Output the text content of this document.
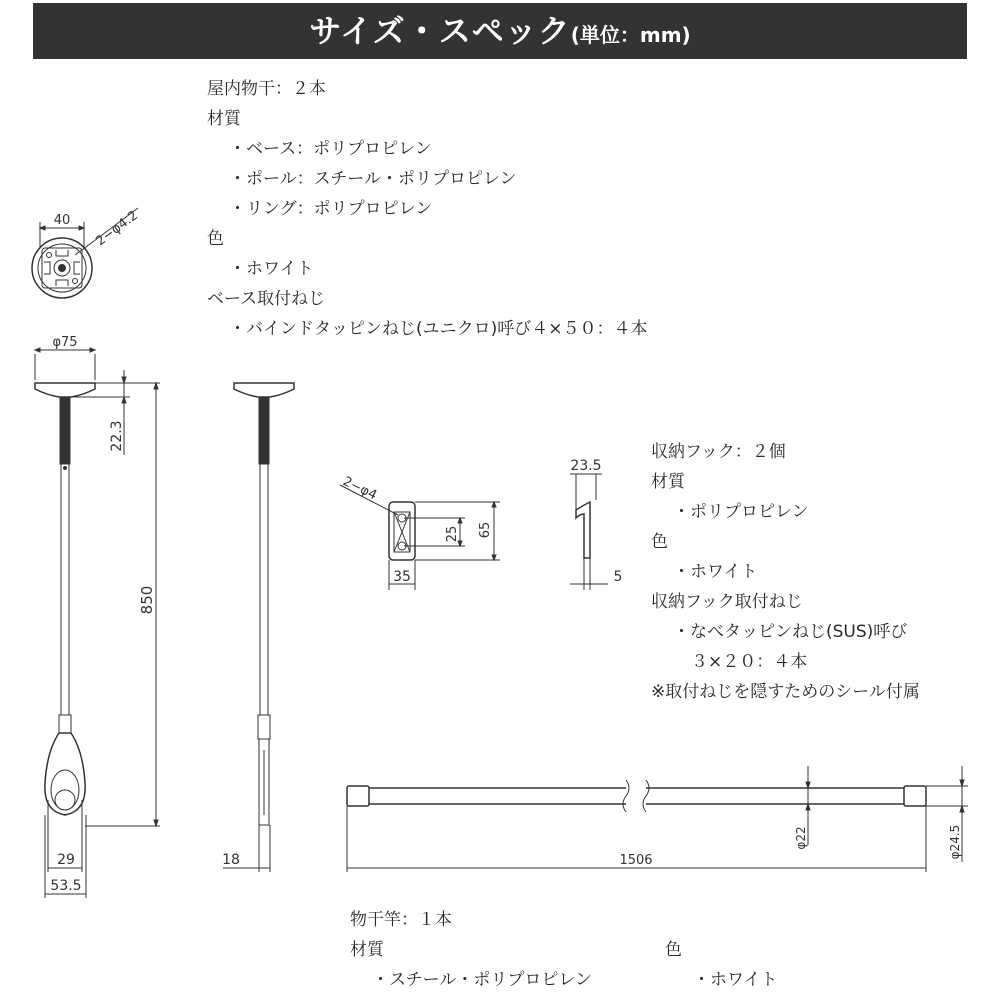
サイズ・スペック(単位：mm)
屋内物干：２本
材質
・ベース：ポリプロピレン
・ポール：スチール・ポリプロピレン
・リング：ポリプロピレン
色
・ホワイト
ベース取付ねじ
・バインドタッピンねじ(ユニクロ)呼び４×５０：４本
収納フック：２個
材質
・ポリプロピレン
色
・ホワイト
収納フック取付ねじ
・なべタッピンねじ(SUS)呼び
３×２０：４本
※取付ねじを隠すためのシール付属
物干竿：１本
材質
・スチール・ポリプロピレン
色
・ホワイト
40 2−φ4.2
φ75
22.3
850
29
53.5
18
2−φ4
25 65
35
23.5
5
φ22	φ24.5
1506
